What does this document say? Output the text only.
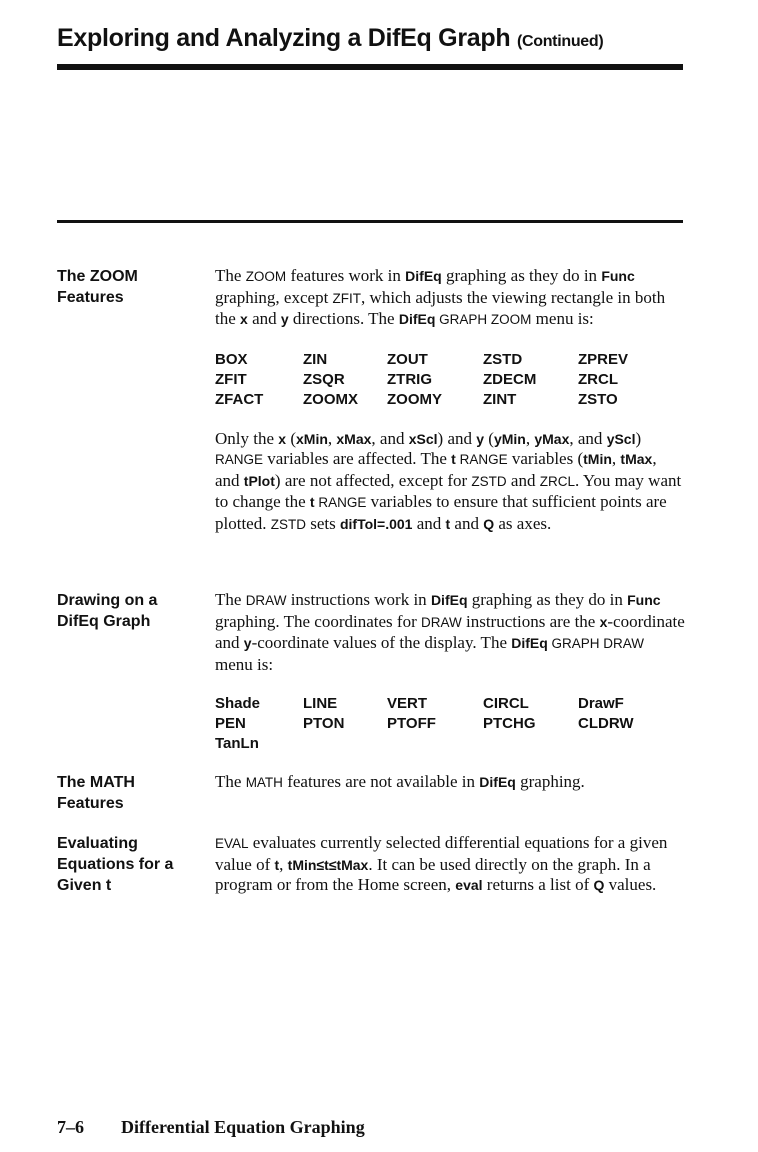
Exploring and Analyzing a DifEq Graph (Continued)
The ZOOM
Features

The ZOOM features work in DifEq graphing as they do in Func graphing, except ZFIT, which adjusts the viewing rectangle in both the x and y directions. The DifEq GRAPH ZOOM menu is:

BOX	ZIN	ZOUT	ZSTD	ZPREV
ZFIT	ZSQR	ZTRIG	ZDECM	ZRCL
ZFACT	ZOOMX	ZOOMY	ZINT	ZSTO

Only the x (xMin, xMax, and xScl) and y (yMin, yMax, and yScl) RANGE variables are affected. The t RANGE variables (tMin, tMax, and tPlot) are not affected, except for ZSTD and ZRCL. You may want to change the t RANGE variables to ensure that sufficient points are plotted. ZSTD sets difTol=.001 and t and Q as axes.

Drawing on a
DifEq Graph

The DRAW instructions work in DifEq graphing as they do in Func graphing. The coordinates for DRAW instructions are the x-coordinate and y-coordinate values of the display. The DifEq GRAPH DRAW menu is:

Shade	LINE	VERT	CIRCL	DrawF
PEN	PTON	PTOFF	PTCHG	CLDRW
TanLn
The MATH
Features

The MATH features are not available in DifEq graphing.

Evaluating
Equations for a
Given t

EVAL evaluates currently selected differential equations for a given value of t, tMin≤t≤tMax. It can be used directly on the graph. In a program or from the Home screen, eval returns a list of Q values.

7–6 Differential Equation Graphing
